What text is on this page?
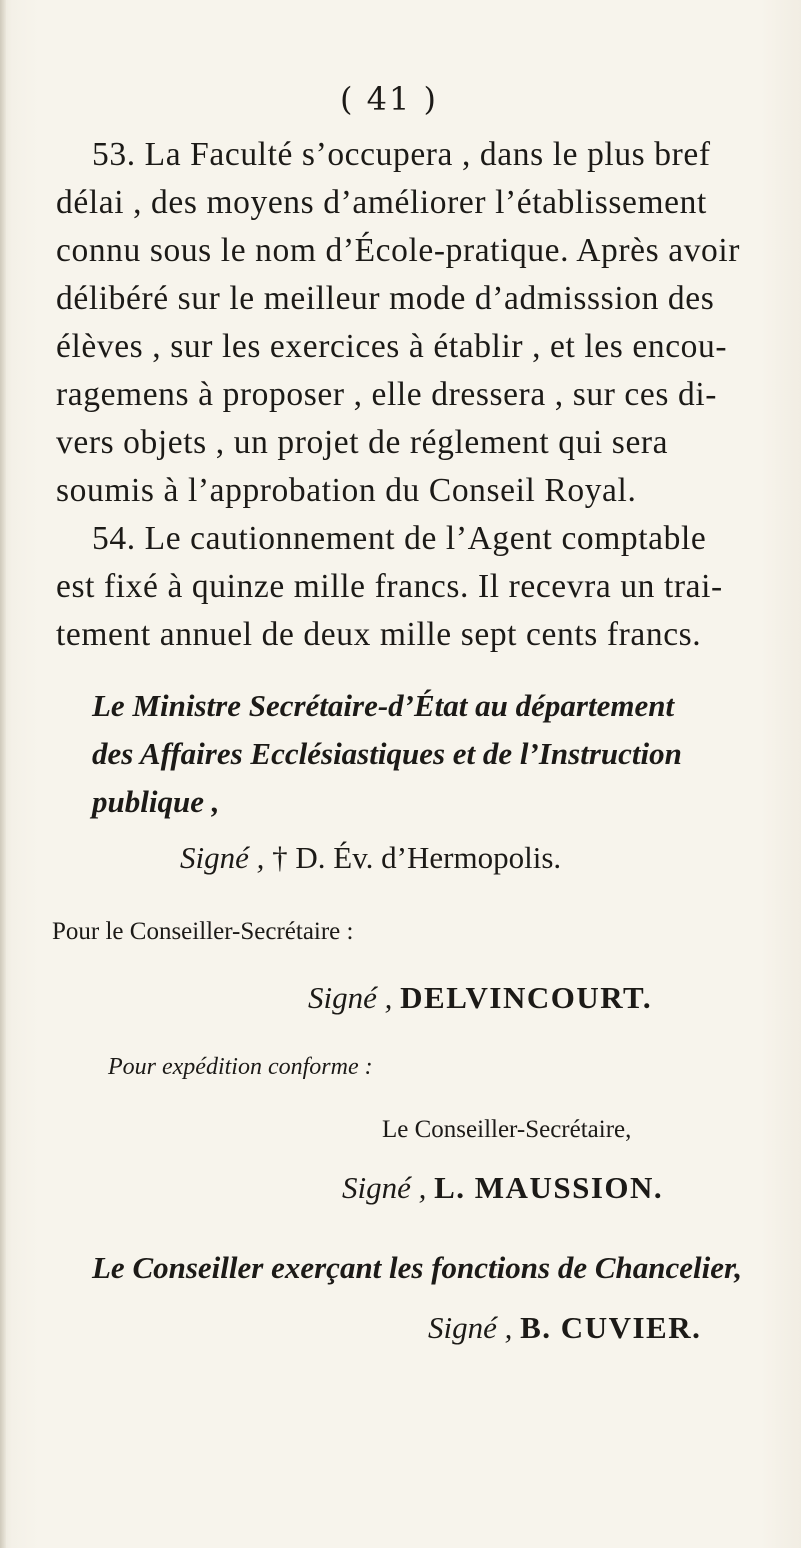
( 41 )

53. La Faculté s’occupera , dans le plus bref

délai , des moyens d’améliorer l’établissement

connu sous le nom d’École-pratique. Après avoir

délibéré sur le meilleur mode d’admisssion des

élèves , sur les exercices à établir , et les encou-

ragemens à proposer , elle dressera , sur ces di-

vers objets , un projet de réglement qui sera

soumis à l’approbation du Conseil Royal.

54. Le cautionnement de l’Agent comptable

est fixé à quinze mille francs. Il recevra un trai-

tement annuel de deux mille sept cents francs.

Le Ministre Secrétaire-d’État au département

des Affaires Ecclésiastiques et de l’Instruction

publique ,

Signé , † D. Év. d’Hermopolis.

Pour le Conseiller-Secrétaire :

Signé , DELVINCOURT.

Pour expédition conforme :

Le Conseiller-Secrétaire,

Signé , L. MAUSSION.

Le Conseiller exerçant les fonctions de Chancelier,

Signé , B. CUVIER.
